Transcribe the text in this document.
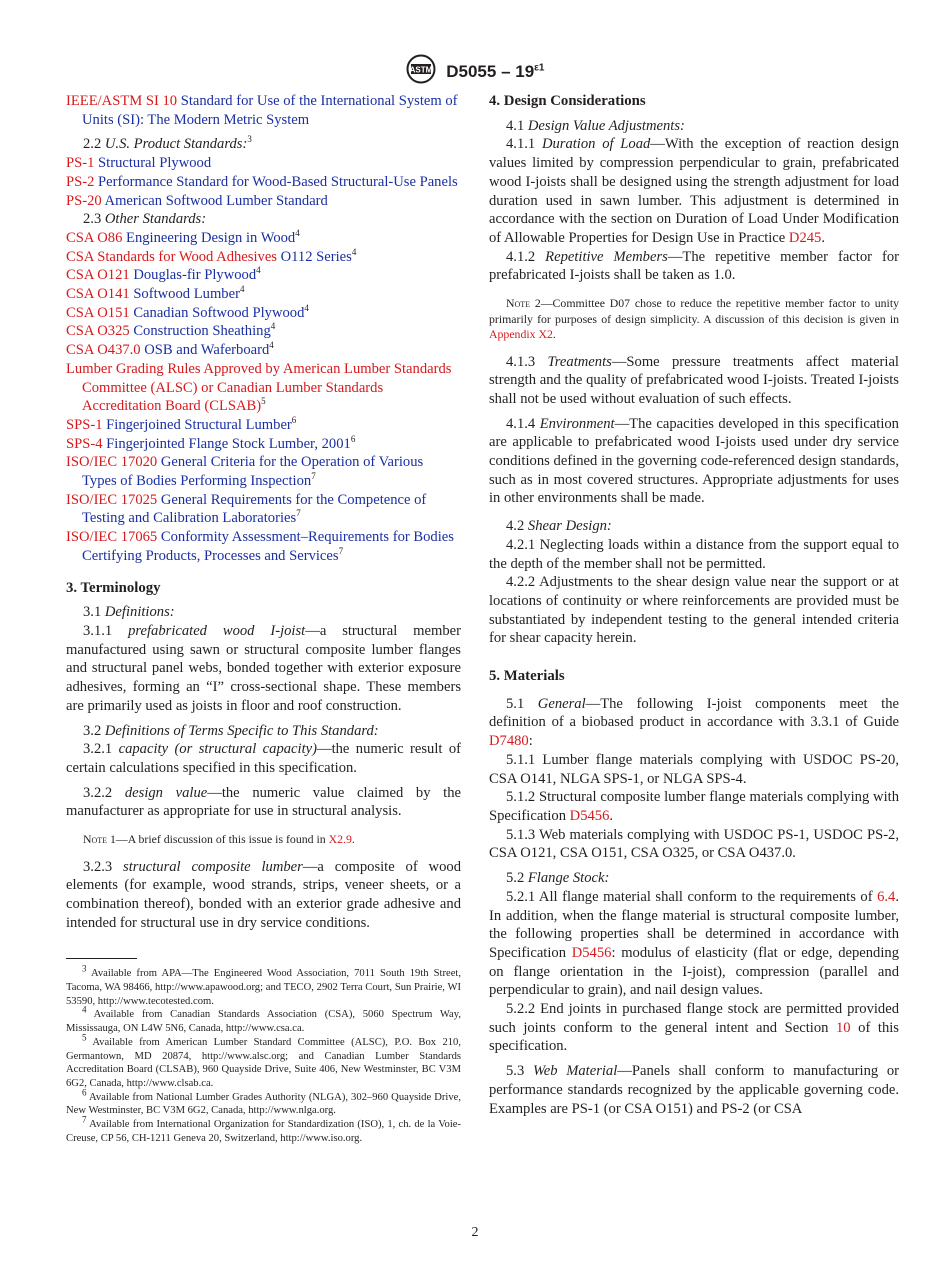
ASTM $D5055 - 19^{\varepsilon 1}$

IEEE/ASTM SI 10 Standard for Use of the International System of Units (SI): The Modern Metric System

2.2 U.S. Product Standards:$^3$

PS-1 Structural Plywood

PS-2 Performance Standard for Wood-Based Structural-Use Panels

PS-20 American Softwood Lumber Standard

2.3 Other Standards:

CSA O86 Engineering Design in Wood$^4$

CSA Standards for Wood Adhesives O112 Series$^4$

CSA O121 Douglas-fir Plywood$^4$

CSA O141 Softwood Lumber$^4$

CSA O151 Canadian Softwood Plywood$^4$

CSA O325 Construction Sheathing$^4$

CSA O437.0 OSB and Waferboard$^4$

Lumber Grading Rules Approved by American Lumber Standards Committee (ALSC) or Canadian Lumber Standards Accreditation Board (CLSAB)$^5$

SPS-1 Fingerjoined Structural Lumber$^6$

SPS-4 Fingerjointed Flange Stock Lumber, 2001$^6$

ISO/IEC 17020 General Criteria for the Operation of Various Types of Bodies Performing Inspection$^7$

ISO/IEC 17025 General Requirements for the Competence of Testing and Calibration Laboratories$^7$

ISO/IEC 17065 Conformity Assessment–Requirements for Bodies Certifying Products, Processes and Services$^7$

3. Terminology

3.1 Definitions:

3.1.1 prefabricated wood I-joist—a structural member manufactured using sawn or structural composite lumber flanges and structural panel webs, bonded together with exterior exposure adhesives, forming an “I” cross-sectional shape. These members are primarily used as joists in floor and roof construction.

3.2 Definitions of Terms Specific to This Standard:

3.2.1 capacity (or structural capacity)—the numeric result of certain calculations specified in this specification.

3.2.2 design value—the numeric value claimed by the manufacturer as appropriate for use in structural analysis.

Note 1—A brief discussion of this issue is found in X2.9.

3.2.3 structural composite lumber—a composite of wood elements (for example, wood strands, strips, veneer sheets, or a combination thereof), bonded with an exterior grade adhesive and intended for structural use in dry service conditions.

$^3$ Available from APA—The Engineered Wood Association, 7011 South 19th Street, Tacoma, WA 98466, http://www.apawood.org; and TECO, 2902 Terra Court, Sun Prairie, WI 53590, http://www.tecotested.com.

$^4$ Available from Canadian Standards Association (CSA), 5060 Spectrum Way, Mississauga, ON L4W 5N6, Canada, http://www.csa.ca.

$^5$ Available from American Lumber Standard Committee (ALSC), P.O. Box 210, Germantown, MD 20874, http://www.alsc.org; and Canadian Lumber Standards Accreditation Board (CLSAB), 960 Quayside Drive, Suite 406, New Westminster, BC V3M 6G2, Canada, http://www.clsab.ca.

$^6$ Available from National Lumber Grades Authority (NLGA), 302–960 Quayside Drive, New Westminster, BC V3M 6G2, Canada, http://www.nlga.org.

$^7$ Available from International Organization for Standardization (ISO), 1, ch. de la Voie-Creuse, CP 56, CH-1211 Geneva 20, Switzerland, http://www.iso.org.

4. Design Considerations

4.1 Design Value Adjustments:

4.1.1 Duration of Load—With the exception of reaction design values limited by compression perpendicular to grain, prefabricated wood I-joists shall be designed using the strength adjustment for load duration used in sawn lumber. This adjustment is determined in accordance with the section on Duration of Load Under Modification of Allowable Properties for Design Use in Practice D245.

4.1.2 Repetitive Members—The repetitive member factor for prefabricated I-joists shall be taken as 1.0.

Note 2—Committee D07 chose to reduce the repetitive member factor to unity primarily for purposes of design simplicity. A discussion of this decision is given in Appendix X2.

4.1.3 Treatments—Some pressure treatments affect material strength and the quality of prefabricated wood I-joists. Treated I-joists shall not be used without evaluation of such effects.

4.1.4 Environment—The capacities developed in this specification are applicable to prefabricated wood I-joists used under dry service conditions defined in the governing code-referenced design standards, such as in most covered structures. Appropriate adjustments for uses in other environments shall be made.

4.2 Shear Design:

4.2.1 Neglecting loads within a distance from the support equal to the depth of the member shall not be permitted.

4.2.2 Adjustments to the shear design value near the support or at locations of continuity or where reinforcements are provided must be substantiated by independent testing to the general intended criteria for shear capacity herein.

5. Materials

5.1 General—The following I-joist components meet the definition of a biobased product in accordance with 3.3.1 of Guide D7480:

5.1.1 Lumber flange materials complying with USDOC PS-20, CSA O141, NLGA SPS-1, or NLGA SPS-4.

5.1.2 Structural composite lumber flange materials complying with Specification D5456.

5.1.3 Web materials complying with USDOC PS-1, USDOC PS-2, CSA O121, CSA O151, CSA O325, or CSA O437.0.

5.2 Flange Stock:

5.2.1 All flange material shall conform to the requirements of 6.4. In addition, when the flange material is structural composite lumber, the following properties shall be determined in accordance with Specification D5456: modulus of elasticity (flat or edge, depending on flange orientation in the I-joist), compression (parallel and perpendicular to grain), and nail design values.

5.2.2 End joints in purchased flange stock are permitted provided such joints conform to the general intent and Section 10 of this specification.

5.3 Web Material—Panels shall conform to manufacturing or performance standards recognized by the applicable governing code. Examples are PS-1 (or CSA O151) and PS-2 (or CSA

2
